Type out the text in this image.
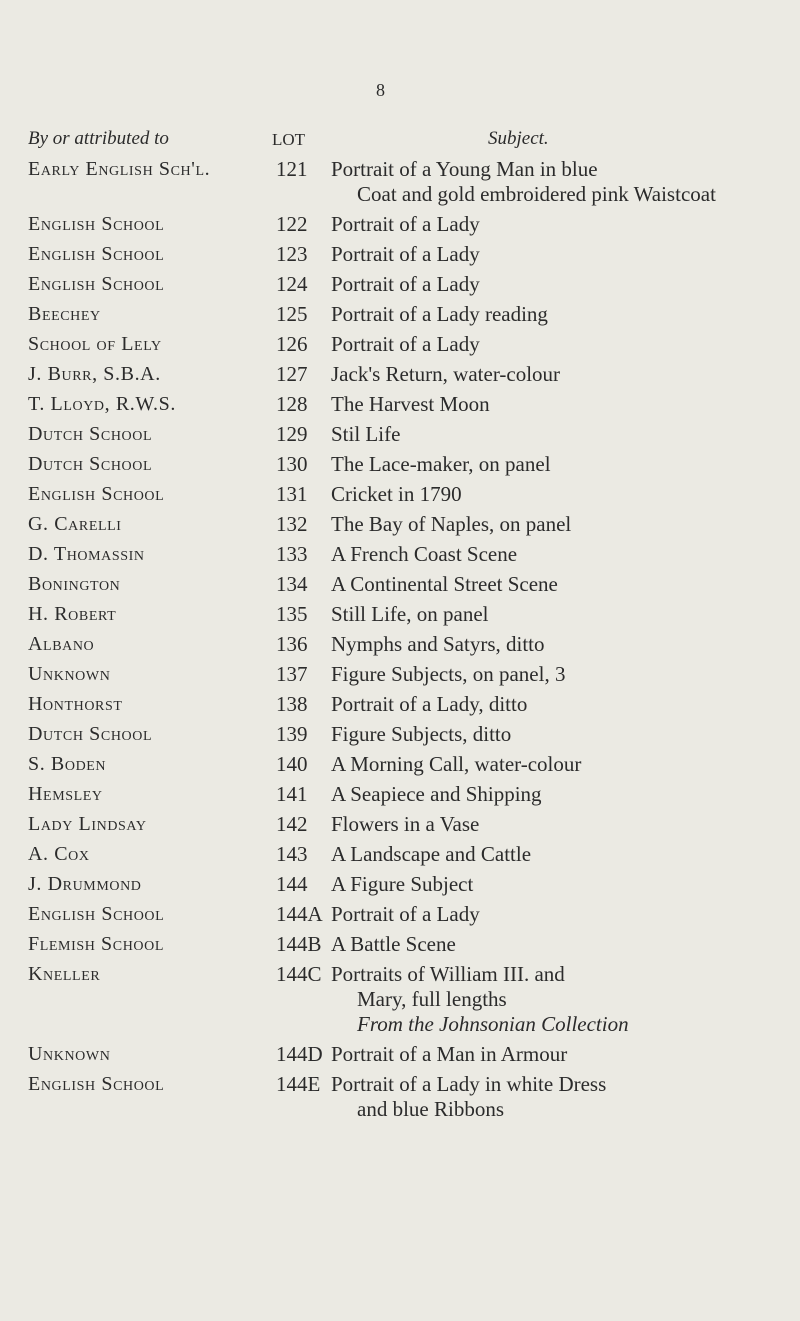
8
By or attributed to	LOT	Subject.
Early English Sch'l.	121 Portrait of a Young Man in blue
Coat and gold embroidered pink Waistcoat
English School	122 Portrait of a Lady
English School	123 Portrait of a Lady
English School	124 Portrait of a Lady
Beechey	125 Portrait of a Lady reading
School of Lely	126 Portrait of a Lady
J. Burr, S.B.A.	127 Jack's Return, water-colour
T. Lloyd, R.W.S.	128 The Harvest Moon
Dutch School	129 Stil Life
Dutch School	130 The Lace-maker, on panel
English School	131 Cricket in 1790
G. Carelli	132 The Bay of Naples, on panel
D. Thomassin	133 A French Coast Scene
Bonington	134 A Continental Street Scene
H. Robert	135 Still Life, on panel
Albano	136 Nymphs and Satyrs, ditto
Unknown	137 Figure Subjects, on panel, 3
Honthorst	138 Portrait of a Lady, ditto
Dutch School	139 Figure Subjects, ditto
S. Boden	140 A Morning Call, water-colour
Hemsley	141 A Seapiece and Shipping
Lady Lindsay	142 Flowers in a Vase
A. Cox	143 A Landscape and Cattle
J. Drummond	144 A Figure Subject
English School	144A Portrait of a Lady
Flemish School	144B A Battle Scene
Kneller	144C Portraits of William III. and
Mary, full lengths
From the Johnsonian Collection
Unknown	144D Portrait of a Man in Armour
English School	144E Portrait of a Lady in white Dress
and blue Ribbons
